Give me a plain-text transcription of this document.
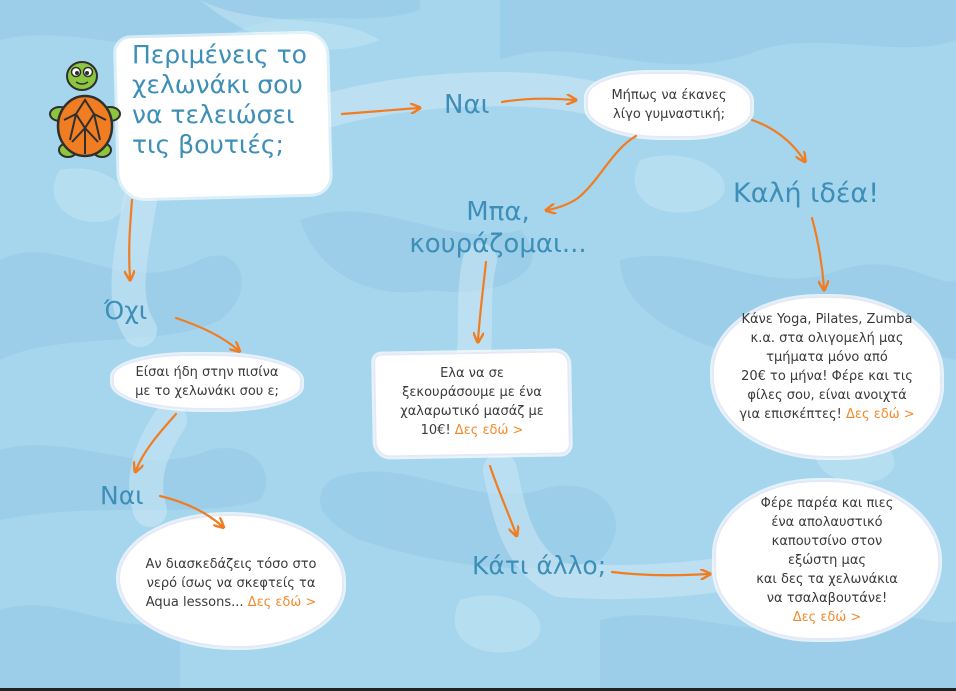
Περιμένεις το
χελωνάκι σου
να τελειώσει
τις βουτιές;
Ναι	Μήπως να έκανες
λίγο γυμναστική;
Καλή ιδέα!
Μπα,
κουράζομαι...
Όχι
Είσαι ήδη στην πισίνα
με το χελωνάκι σου ε;
Ναι
Κάτι άλλο;
Ελα να σε
ξεκουράσουμε με ένα
χαλαρωτικό μασάζ με
10€! Δες εδώ >
Κάνε Yoga, Pilates, Zumba
κ.α. στα ολιγομελή μας
τμήματα μόνο από
20€ το μήνα! Φέρε και τις
φίλες σου, είναι ανοιχτά
για επισκέπτες! Δες εδώ >
Αν διασκεδάζεις τόσο στο
νερό ίσως να σκεφτείς τα
Aqua lessons... Δες εδώ >
Φέρε παρέα και πιες
ένα απολαυστικό
καπουτσίνο στον
εξώστη μας
και δες τα χελωνάκια
να τσαλαβουτάνε!
Δες εδώ >
